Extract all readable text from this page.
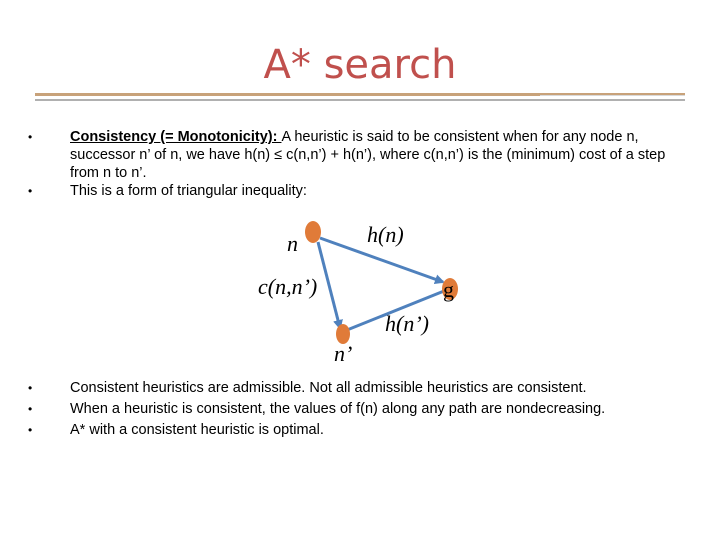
A* search
•	Consistency (= Monotonicity): A heuristic is said to be consistent when for any node n, successor n’ of n, we have h(n) ≤ c(n,n’) + h(n’), where c(n,n’) is the (minimum) cost of a step from n to n’.
•	This is a form of triangular inequality:
n	h(n)
c(n,n’)	g
h(n’)
n’
•	Consistent heuristics are admissible. Not all admissible heuristics are consistent.
•	When a heuristic is consistent, the values of f(n) along any path are nondecreasing.
•	A* with a consistent heuristic is optimal.
